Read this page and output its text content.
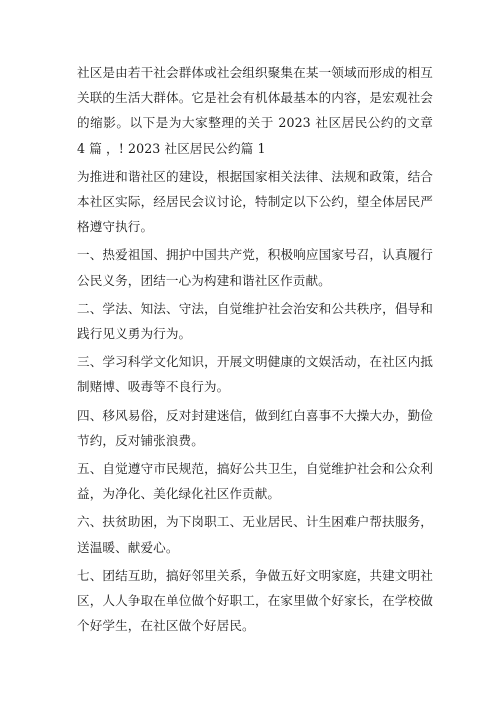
社区是由若干社会群体或社会组织聚集在某一领域而形成的相互关联的生活大群体。它是社会有机体最基本的内容，是宏观社会的缩影。以下是为大家整理的关于 2023 社区居民公约的文章 4 篇 ，! 2023 社区居民公约篇 1

为推进和谐社区的建设，根据国家相关法律、法规和政策，结合本社区实际，经居民会议讨论，特制定以下公约，望全体居民严格遵守执行。

一、热爱祖国、拥护中国共产党，积极响应国家号召，认真履行公民义务，团结一心为构建和谐社区作贡献。

二、学法、知法、守法，自觉维护社会治安和公共秩序，倡导和践行见义勇为行为。

三、学习科学文化知识，开展文明健康的文娱活动，在社区内抵制赌博、吸毒等不良行为。

四、移风易俗，反对封建迷信，做到红白喜事不大操大办，勤俭节约，反对铺张浪费。

五、自觉遵守市民规范，搞好公共卫生，自觉维护社会和公众利益，为净化、美化绿化社区作贡献。

六、扶贫助困，为下岗职工、无业居民、计生困难户帮扶服务，送温暖、献爱心。

七、团结互助，搞好邻里关系，争做五好文明家庭，共建文明社区，人人争取在单位做个好职工，在家里做个好家长，在学校做个好学生，在社区做个好居民。
